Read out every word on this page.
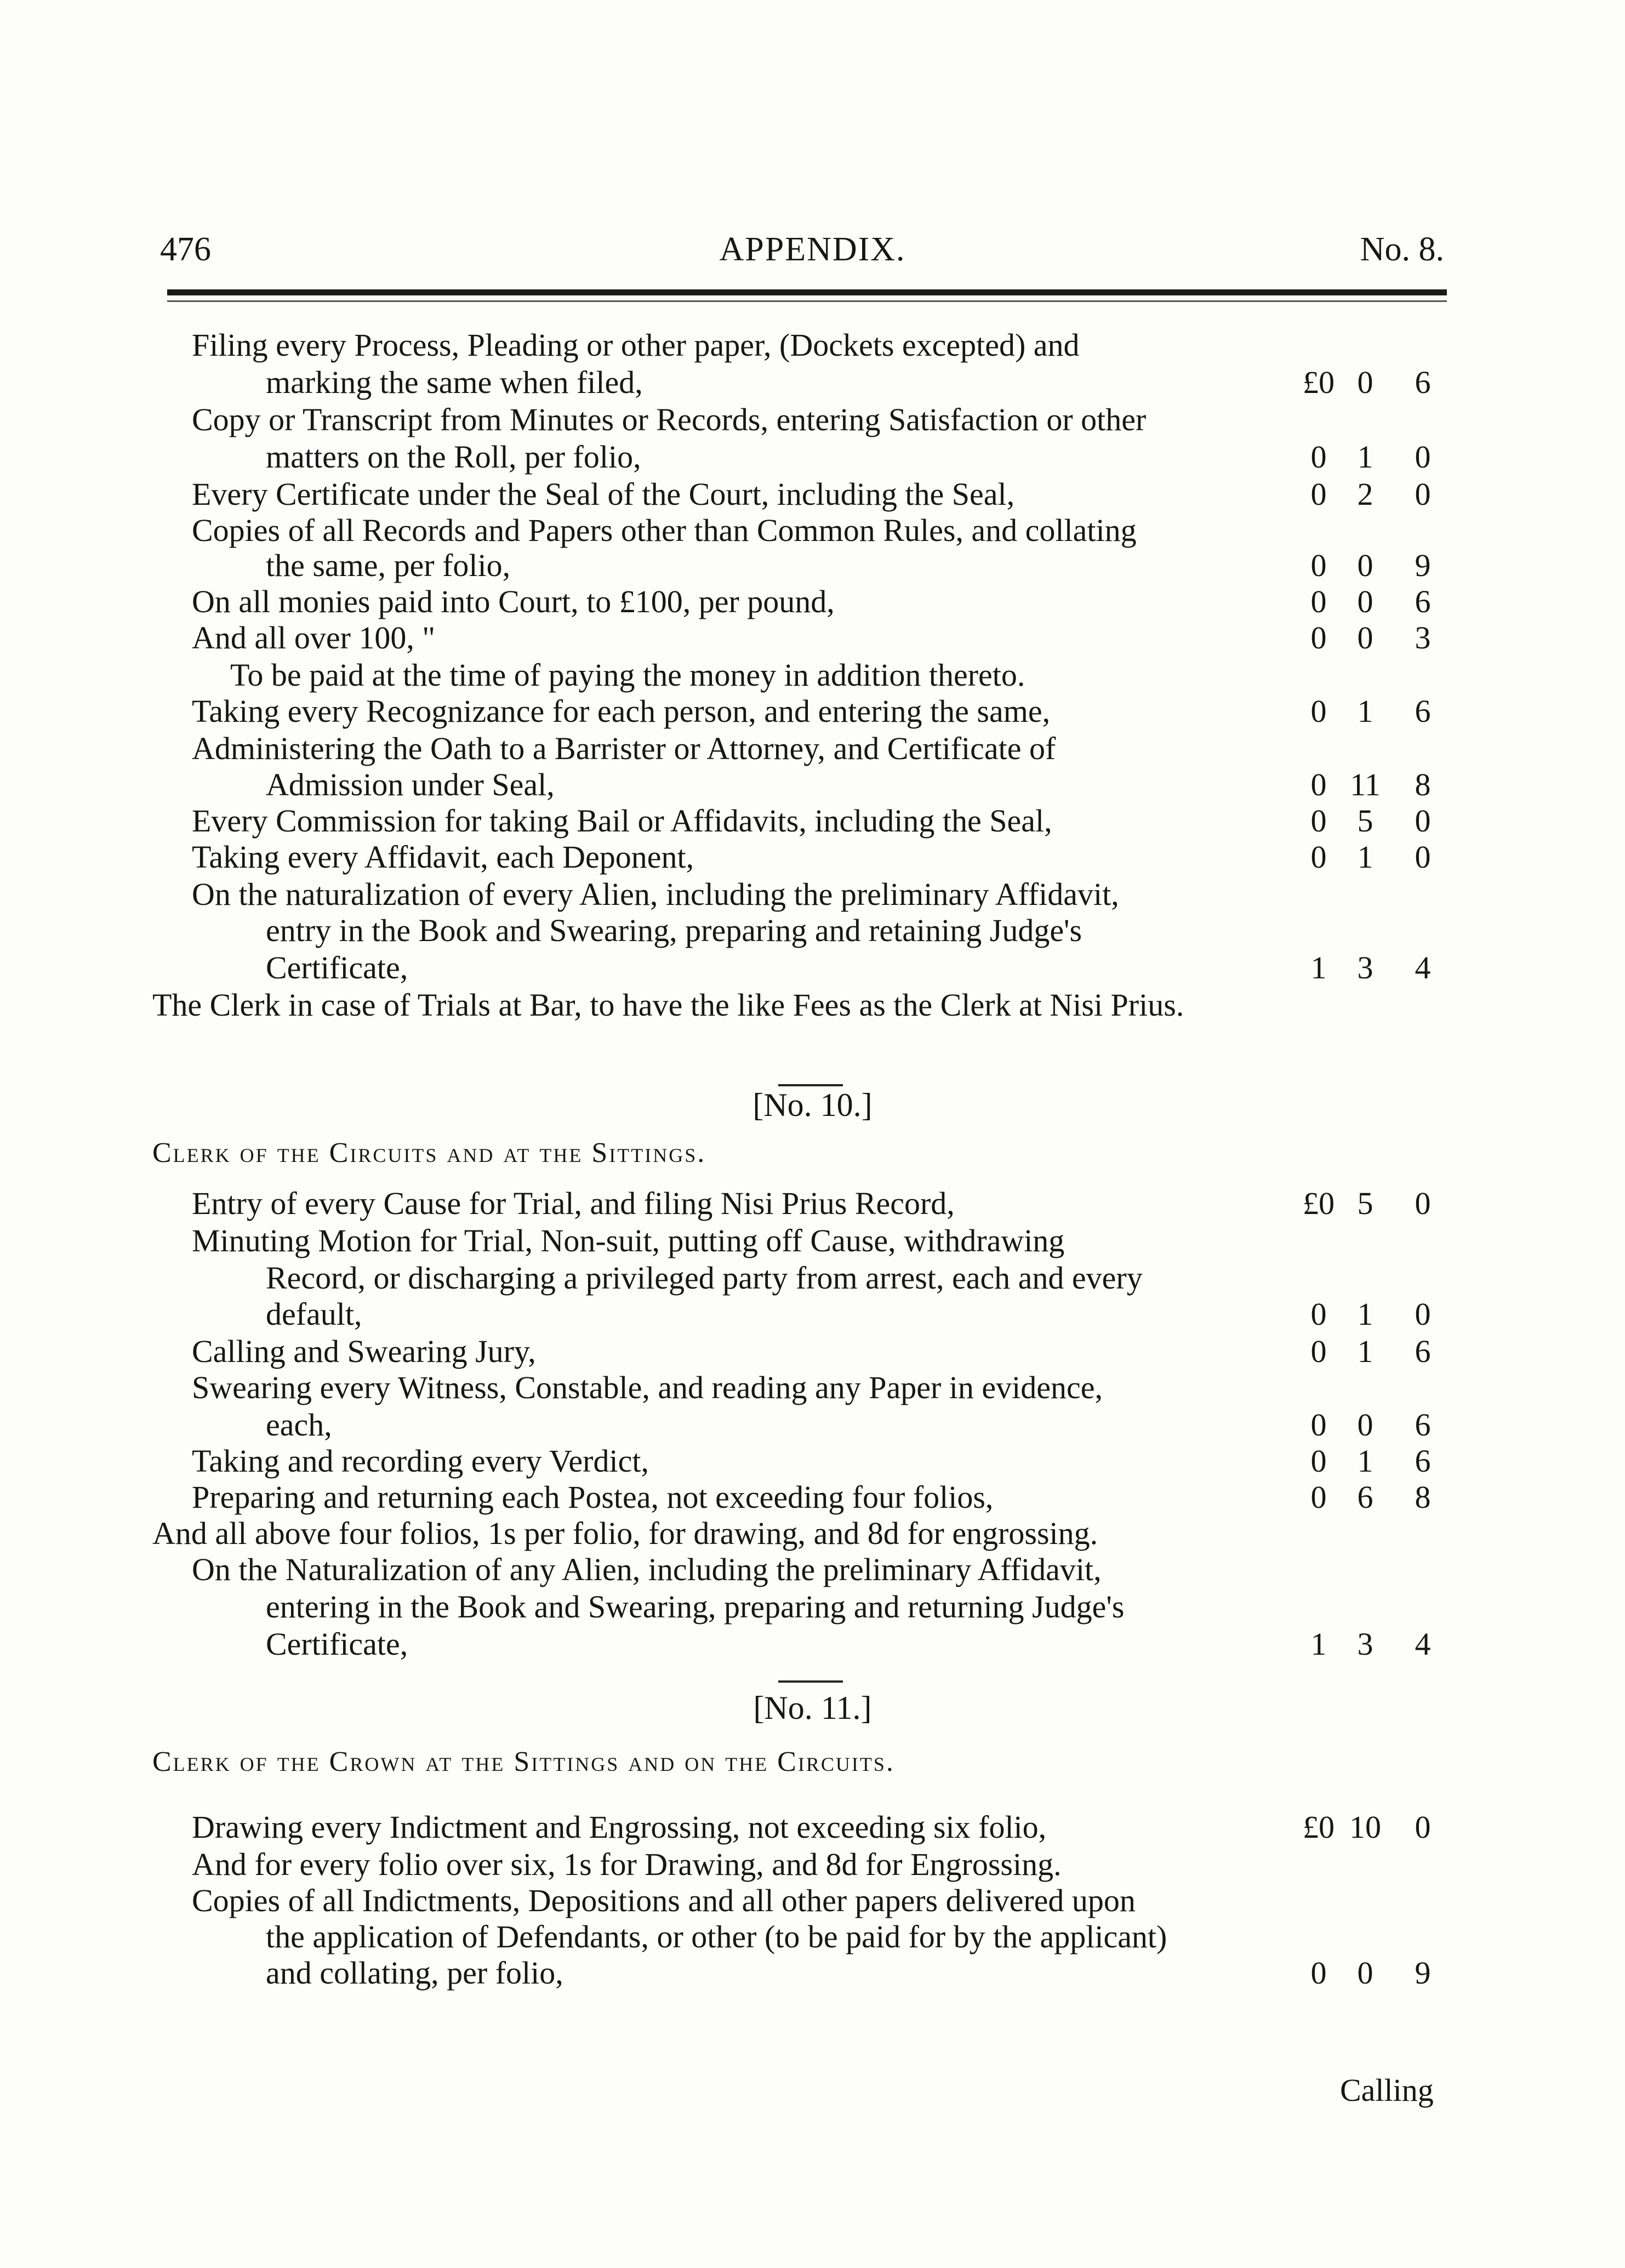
476	APPENDIX.	No. 8.
Filing every Process, Pleading or other paper, (Dockets excepted) and
marking the same when filed,	£0 0	6
Copy or Transcript from Minutes or Records, entering Satisfaction or other
matters on the Roll, per folio,	0 1	0
Every Certificate under the Seal of the Court, including the Seal,	0 2	0
Copies of all Records and Papers other than Common Rules, and collating
the same, per folio,	0 0	9
On all monies paid into Court, to £100, per pound,	0 0	6
And all over 100, "	0 0	3
To be paid at the time of paying the money in addition thereto.
Taking every Recognizance for each person, and entering the same,	0 1	6
Administering the Oath to a Barrister or Attorney, and Certificate of
Admission under Seal,	0 11	8
Every Commission for taking Bail or Affidavits, including the Seal,	0 5	0
Taking every Affidavit, each Deponent,	0 1	0
On the naturalization of every Alien, including the preliminary Affidavit,
entry in the Book and Swearing, preparing and retaining Judge's
Certificate,	1 3	4
The Clerk in case of Trials at Bar, to have the like Fees as the Clerk at Nisi Prius.
[No. 10.]
Clerk of the Circuits and at the Sittings.
Entry of every Cause for Trial, and filing Nisi Prius Record,	£0 5	0
Minuting Motion for Trial, Non-suit, putting off Cause, withdrawing
Record, or discharging a privileged party from arrest, each and every
default,	0 1	0
Calling and Swearing Jury,	0 1	6
Swearing every Witness, Constable, and reading any Paper in evidence,
each,	0 0	6
Taking and recording every Verdict,	0 1	6
Preparing and returning each Postea, not exceeding four folios,	0 6	8
And all above four folios, 1s per folio, for drawing, and 8d for engrossing.
On the Naturalization of any Alien, including the preliminary Affidavit,
entering in the Book and Swearing, preparing and returning Judge's
Certificate,	1 3	4
[No. 11.]
Clerk of the Crown at the Sittings and on the Circuits.
Drawing every Indictment and Engrossing, not exceeding six folio,	£0 10	0
And for every folio over six, 1s for Drawing, and 8d for Engrossing.
Copies of all Indictments, Depositions and all other papers delivered upon
the application of Defendants, or other (to be paid for by the applicant)
and collating, per folio,	0 0	9
Calling
